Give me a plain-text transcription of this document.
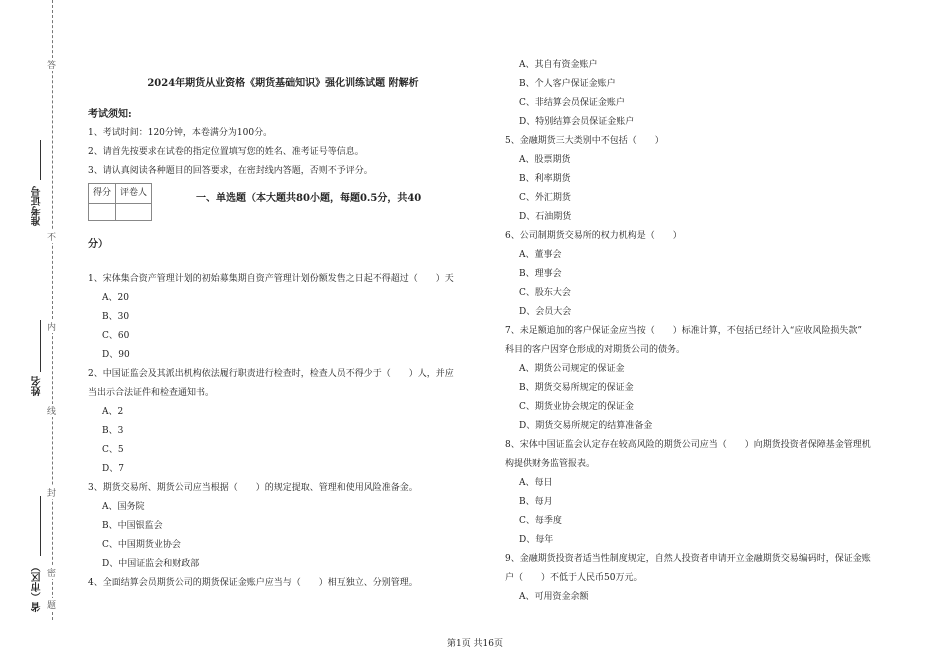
答
不
内
线
封
密
题
准考证号
姓名
省（市区）
2024年期货从业资格《期货基础知识》强化训练试题 附解析
考试须知:
1、考试时间：120分钟，本卷满分为100分。
2、请首先按要求在试卷的指定位置填写您的姓名、准考证号等信息。
3、请认真阅读各种题目的回答要求，在密封线内答题，否则不予评分。
得分	评卷人
		一、单选题（本大题共80小题，每题0.5分，共40
分）
1、宋体集合资产管理计划的初始募集期自资产管理计划份额发售之日起不得超过（　　）天
A、20
B、30
C、60
D、90
2、中国证监会及其派出机构依法履行职责进行检查时，检查人员不得少于（　　）人，并应
当出示合法证件和检查通知书。
A、2
B、3
C、5
D、7
3、期货交易所、期货公司应当根据（　　）的规定提取、管理和使用风险准备金。
A、国务院
B、中国银监会
C、中国期货业协会
D、中国证监会和财政部
4、全面结算会员期货公司的期货保证金账户应当与（　　）相互独立、分别管理。
A、其自有资金账户
B、个人客户保证金账户
C、非结算会员保证金账户
D、特别结算会员保证金账户
5、金融期货三大类别中不包括（　　）
A、股票期货
B、利率期货
C、外汇期货
D、石油期货
6、公司制期货交易所的权力机构是（　　）
A、董事会
B、理事会
C、股东大会
D、会员大会
7、未足额追加的客户保证金应当按（　　）标准计算，不包括已经计入“应收风险损失款”
科目的客户因穿仓形成的对期货公司的债务。
A、期货公司规定的保证金
B、期货交易所规定的保证金
C、期货业协会规定的保证金
D、期货交易所规定的结算准备金
8、宋体中国证监会认定存在较高风险的期货公司应当（　　）向期货投资者保障基金管理机
构提供财务监管报表。
A、每日
B、每月
C、每季度
D、每年
9、金融期货投资者适当性制度规定，自然人投资者申请开立金融期货交易编码时，保证金账
户（　　）不低于人民币50万元。
A、可用资金余额
第1页 共16页
